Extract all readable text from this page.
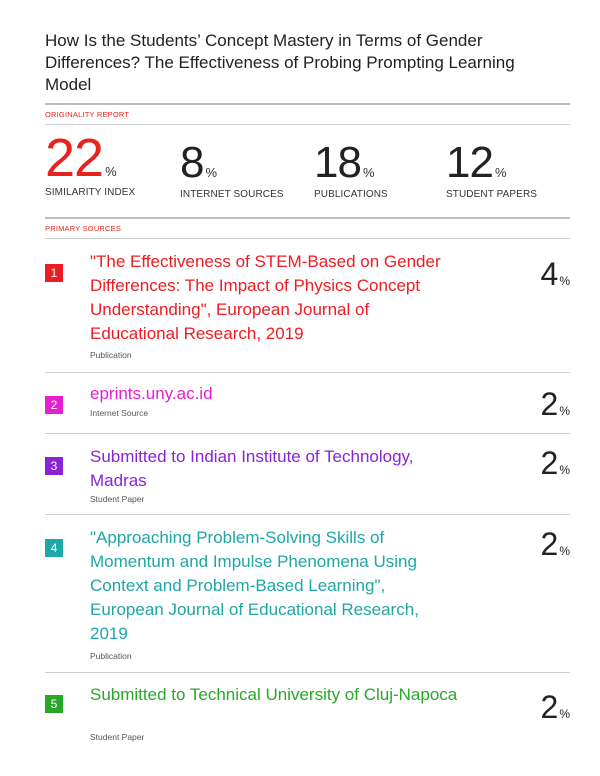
How Is the Students’ Concept Mastery in Terms of Gender Differences? The Effectiveness of Probing Prompting Learning Model
ORIGINALITY REPORT
22 %
SIMILARITY INDEX
8 %
INTERNET SOURCES
18 %
PUBLICATIONS
12 %
STUDENT PAPERS
PRIMARY SOURCES
1
"The Effectiveness of STEM-Based on Gender Differences: The Impact of Physics Concept Understanding", European Journal of Educational Research, 2019
Publication
4%
2
eprints.uny.ac.id
Internet Source	2%
3	Submitted to Indian Institute of Technology, Madras
Student Paper
2%
4
"Approaching Problem-Solving Skills of Momentum and Impulse Phenomena Using Context and Problem-Based Learning", European Journal of Educational Research, 2019
Publication
2%
5	Submitted to Technical University of Cluj-Napoca
Student Paper
2%
